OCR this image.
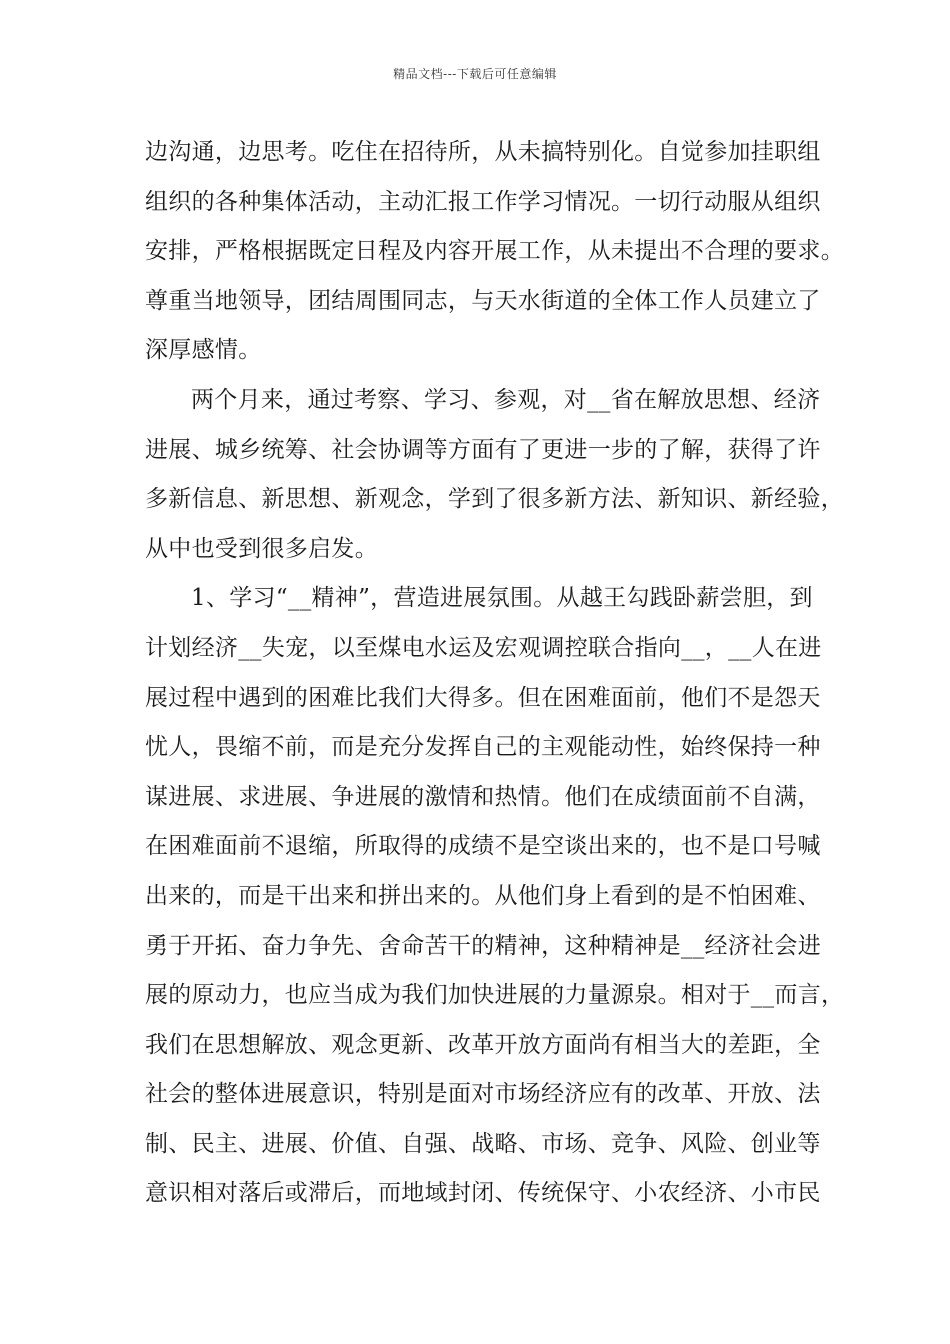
精品文档---下载后可任意编辑
边沟通，边思考。吃住在招待所，从未搞特别化。自觉参加挂职组
组织的各种集体活动，主动汇报工作学习情况。一切行动服从组织
安排，严格根据既定日程及内容开展工作，从未提出不合理的要求。
尊重当地领导，团结周围同志，与天水街道的全体工作人员建立了
深厚感情。
两个月来，通过考察、学习、参观，对__省在解放思想、经济
进展、城乡统筹、社会协调等方面有了更进一步的了解，获得了许
多新信息、新思想、新观念，学到了很多新方法、新知识、新经验，
从中也受到很多启发。
1、学习“__精神”，营造进展氛围。从越王勾践卧薪尝胆，到
计划经济__失宠，以至煤电水运及宏观调控联合指向__，__人在进
展过程中遇到的困难比我们大得多。但在困难面前，他们不是怨天
忧人，畏缩不前，而是充分发挥自己的主观能动性，始终保持一种
谋进展、求进展、争进展的激情和热情。他们在成绩面前不自满，
在困难面前不退缩，所取得的成绩不是空谈出来的，也不是口号喊
出来的，而是干出来和拼出来的。从他们身上看到的是不怕困难、
勇于开拓、奋力争先、舍命苦干的精神，这种精神是__经济社会进
展的原动力，也应当成为我们加快进展的力量源泉。相对于__而言，
我们在思想解放、观念更新、改革开放方面尚有相当大的差距，全
社会的整体进展意识，特别是面对市场经济应有的改革、开放、法
制、民主、进展、价值、自强、战略、市场、竞争、风险、创业等
意识相对落后或滞后，而地域封闭、传统保守、小农经济、小市民
